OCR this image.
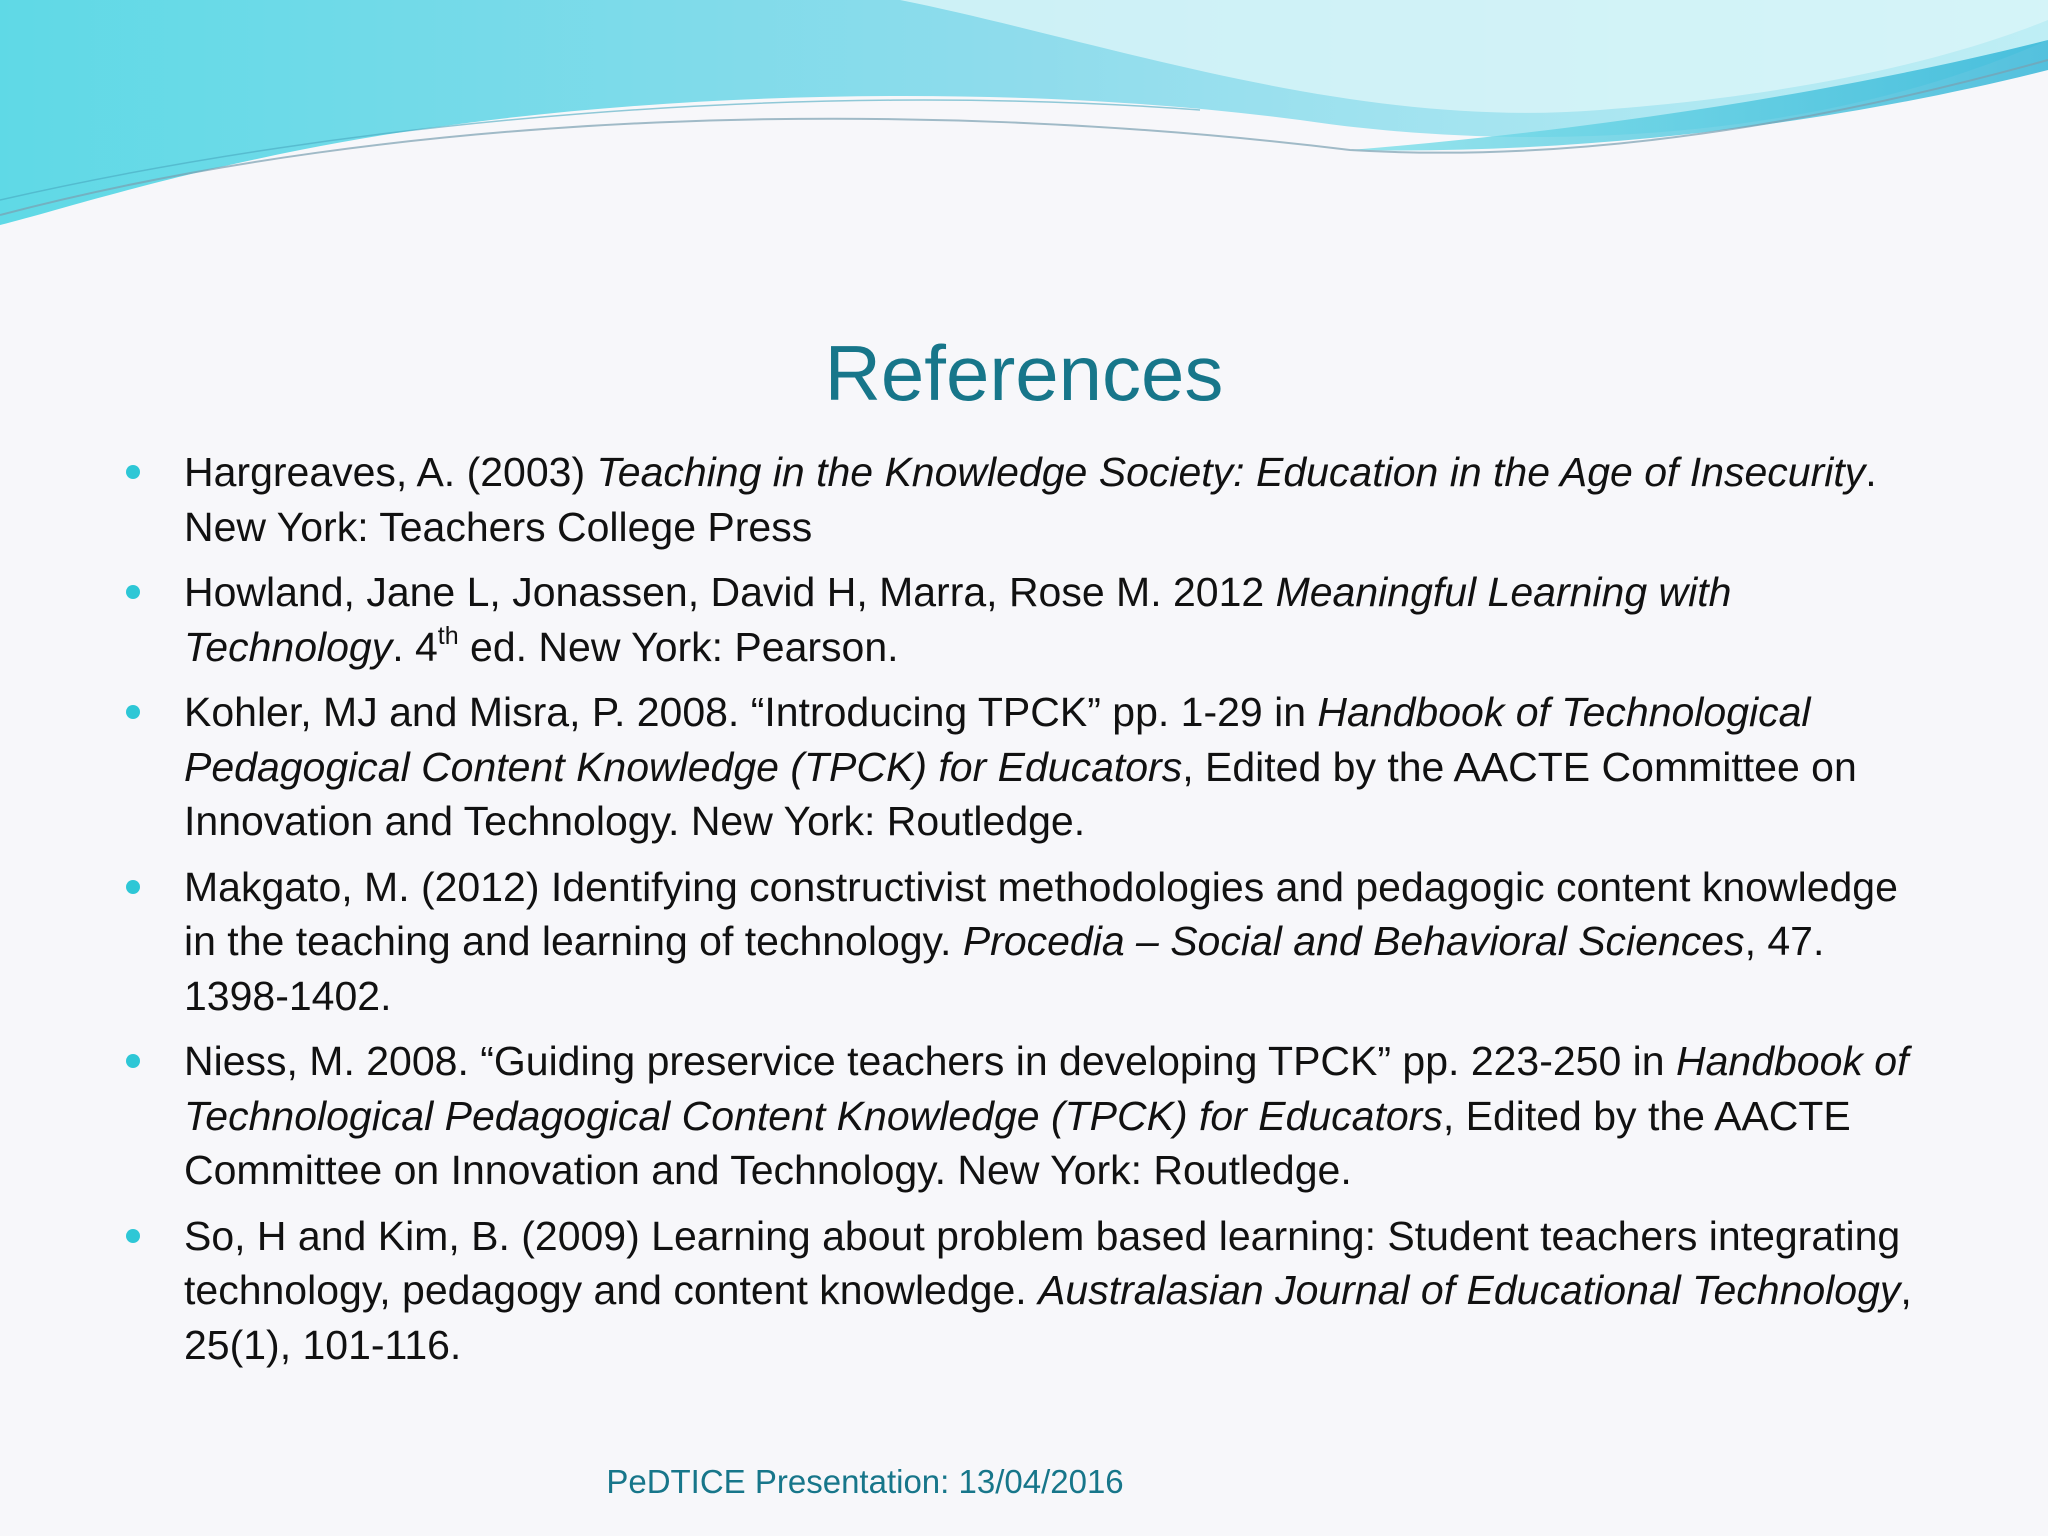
References
Hargreaves, A. (2003) Teaching in the Knowledge Society: Education in the Age of Insecurity. New York: Teachers College Press
Howland, Jane L, Jonassen, David H, Marra, Rose M. 2012 Meaningful Learning with Technology. 4th ed. New York: Pearson.
Kohler, MJ and Misra, P. 2008. “Introducing TPCK” pp. 1-29 in Handbook of Technological Pedagogical Content Knowledge (TPCK) for Educators, Edited by the AACTE Committee on Innovation and Technology. New York: Routledge.
Makgato, M. (2012) Identifying constructivist methodologies and pedagogic content knowledge in the teaching and learning of technology. Procedia – Social and Behavioral Sciences, 47. 1398-1402.
Niess, M. 2008. “Guiding preservice teachers in developing TPCK” pp. 223-250 in Handbook of Technological Pedagogical Content Knowledge (TPCK) for Educators, Edited by the AACTE Committee on Innovation and Technology. New York: Routledge.
So, H and Kim, B. (2009) Learning about problem based learning: Student teachers integrating technology, pedagogy and content knowledge. Australasian Journal of Educational Technology, 25(1), 101-116.
PeDTICE Presentation: 13/04/2016
